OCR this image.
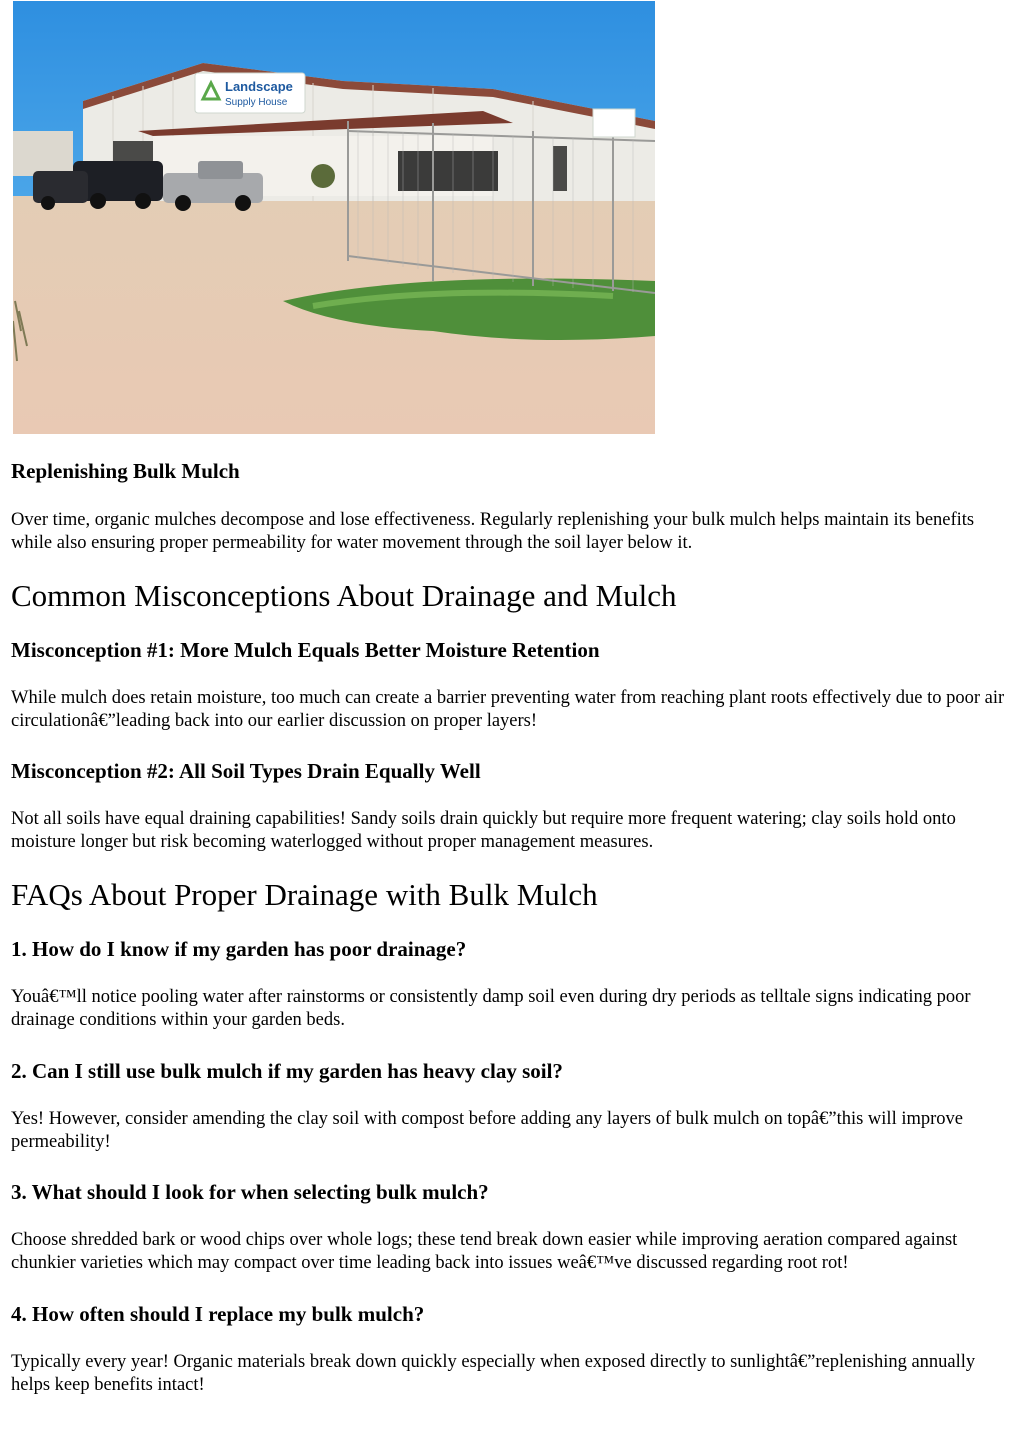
Landscape
Supply House
Replenishing Bulk Mulch

Over time, organic mulches decompose and lose effectiveness. Regularly replenishing your bulk mulch helps maintain its benefits while also ensuring proper permeability for water movement through the soil layer below it.

Common Misconceptions About Drainage and Mulch
Misconception #1: More Mulch Equals Better Moisture Retention

While mulch does retain moisture, too much can create a barrier preventing water from reaching plant roots effectively due to poor air circulationâ€”leading back into our earlier discussion on proper layers!

Misconception #2: All Soil Types Drain Equally Well

Not all soils have equal draining capabilities! Sandy soils drain quickly but require more frequent watering; clay soils hold onto moisture longer but risk becoming waterlogged without proper management measures.

FAQs About Proper Drainage with Bulk Mulch
1. How do I know if my garden has poor drainage?

Youâ€™ll notice pooling water after rainstorms or consistently damp soil even during dry periods as telltale signs indicating poor drainage conditions within your garden beds.

2. Can I still use bulk mulch if my garden has heavy clay soil?

Yes! However, consider amending the clay soil with compost before adding any layers of bulk mulch on topâ€”this will improve permeability!

3. What should I look for when selecting bulk mulch?

Choose shredded bark or wood chips over whole logs; these tend break down easier while improving aeration compared against chunkier varieties which may compact over time leading back into issues weâ€™ve discussed regarding root rot!

4. How often should I replace my bulk mulch?

Typically every year! Organic materials break down quickly especially when exposed directly to sunlightâ€”replenishing annually helps keep benefits intact!
